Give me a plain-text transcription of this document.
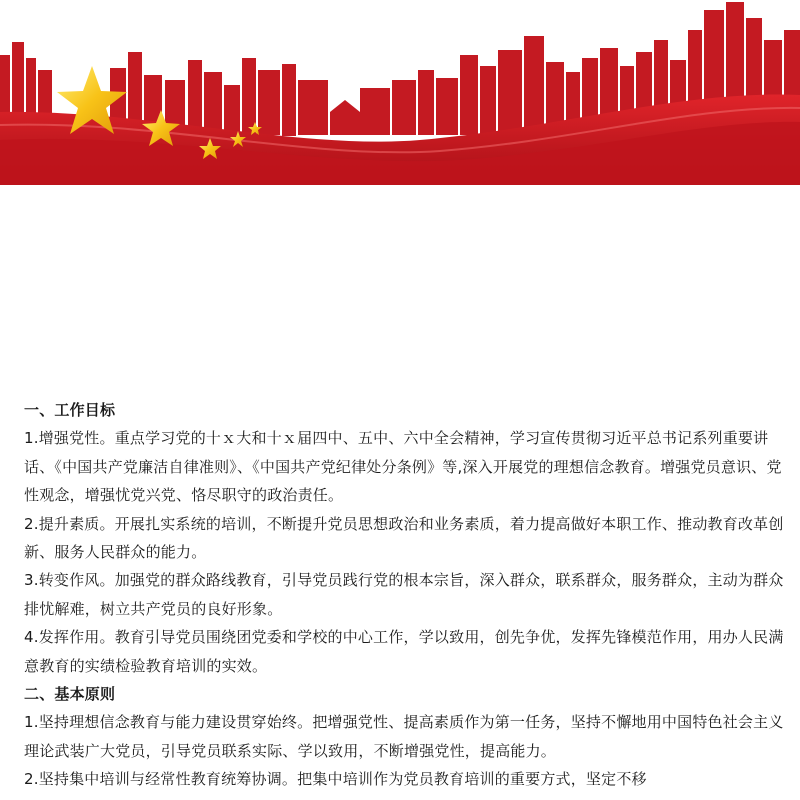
一、工作目标

1.增强党性。重点学习党的十ｘ大和十ｘ届四中、五中、六中全会精神，学习宣传贯彻习近平总书记系列重要讲话、《中国共产党廉洁自律准则》、《中国共产党纪律处分条例》等,深入开展党的理想信念教育。增强党员意识、党性观念，增强忧党兴党、恪尽职守的政治责任。

2.提升素质。开展扎实系统的培训，不断提升党员思想政治和业务素质，着力提高做好本职工作、推动教育改革创新、服务人民群众的能力。

3.转变作风。加强党的群众路线教育，引导党员践行党的根本宗旨，深入群众，联系群众，服务群众，主动为群众排忧解难，树立共产党员的良好形象。

4.发挥作用。教育引导党员围绕团党委和学校的中心工作，学以致用，创先争优，发挥先锋模范作用，用办人民满意教育的实绩检验教育培训的实效。

二、基本原则

1.坚持理想信念教育与能力建设贯穿始终。把增强党性、提高素质作为第一任务，坚持不懈地用中国特色社会主义理论武装广大党员，引导党员联系实际、学以致用，不断增强党性，提高能力。

2.坚持集中培训与经常性教育统筹协调。把集中培训作为党员教育培训的重要方式，坚定不移
